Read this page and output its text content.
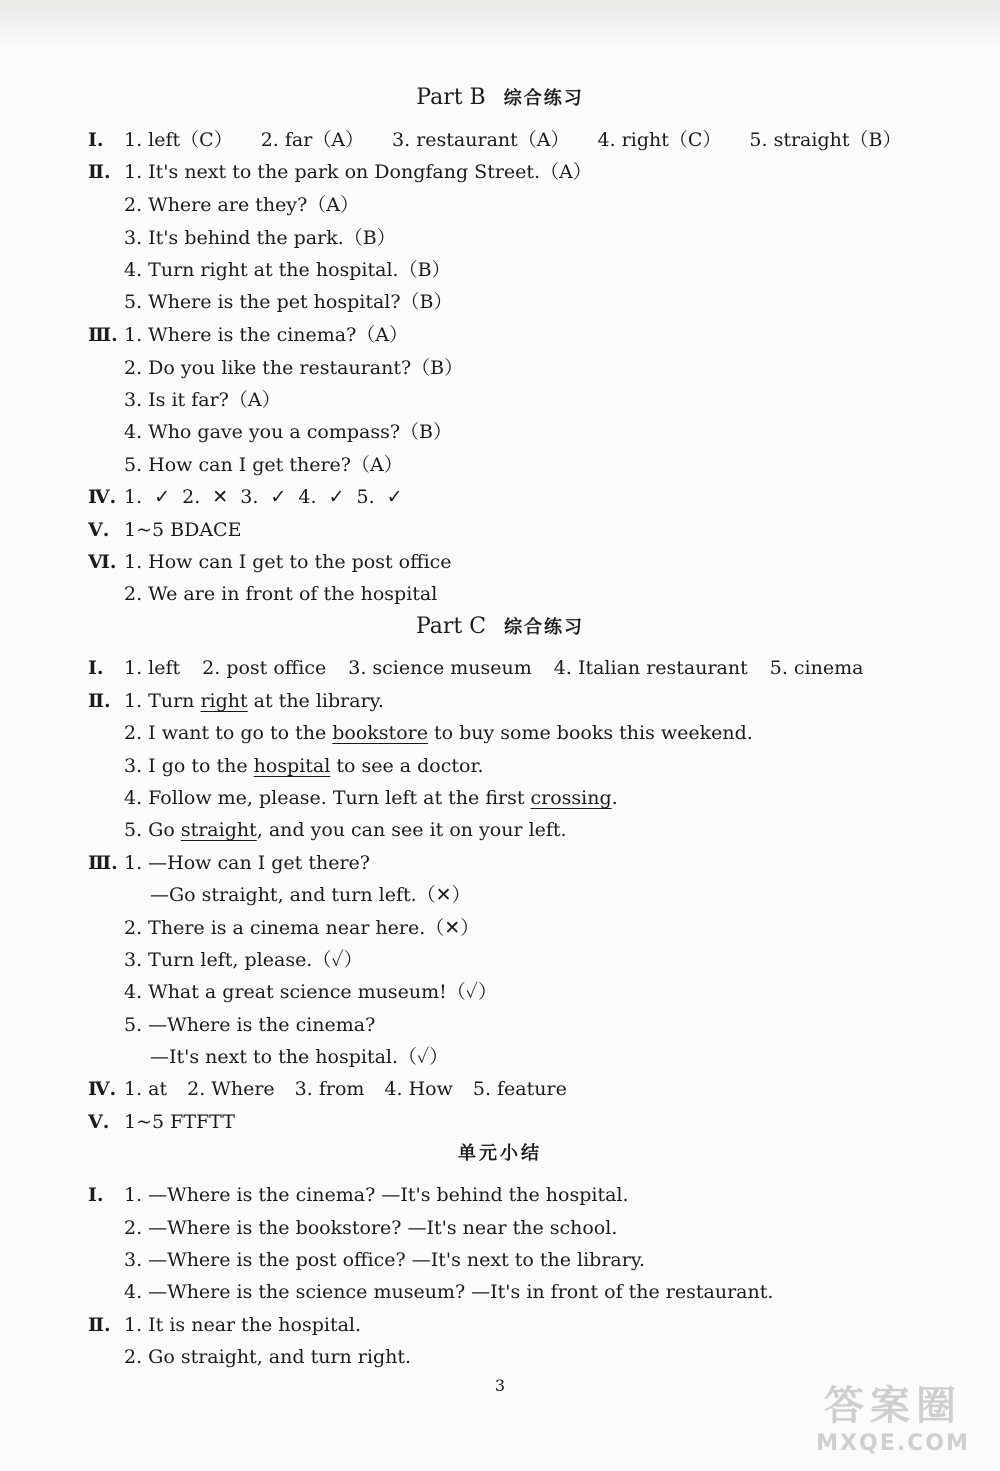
Part B 综合练习
Ⅰ. 1. left（C） 2. far（A） 3. restaurant（A） 4. right（C） 5. straight（B）
Ⅱ. 1. It's next to the park on Dongfang Street.（A）
2. Where are they?（A）
3. It's behind the park.（B）
4. Turn right at the hospital.（B）
5. Where is the pet hospital?（B）
Ⅲ. 1. Where is the cinema?（A）
2. Do you like the restaurant?（B）
3. Is it far?（A）
4. Who gave you a compass?（B）
5. How can I get there?（A）
Ⅳ. 1. ✓ 2. ✕ 3. ✓ 4. ✓ 5. ✓
Ⅴ. 1~5 BDACE
Ⅵ. 1. How can I get to the post office
2. We are in front of the hospital
Part C 综合练习
Ⅰ. 1. left 2. post office 3. science museum 4. Italian restaurant 5. cinema
Ⅱ. 1. Turn right at the library.
2. I want to go to the bookstore to buy some books this weekend.
3. I go to the hospital to see a doctor.
4. Follow me, please. Turn left at the first crossing.
5. Go straight, and you can see it on your left.
Ⅲ. 1. —How can I get there?
—Go straight, and turn left.（✕）
2. There is a cinema near here.（✕）
3. Turn left, please.（✓）
4. What a great science museum!（✓）
5. —Where is the cinema?
—It's next to the hospital.（✓）
Ⅳ. 1. at 2. Where 3. from 4. How 5. feature
Ⅴ. 1~5 FTFTT
单元小结
Ⅰ. 1. —Where is the cinema? —It's behind the hospital.
2. —Where is the bookstore? —It's near the school.
3. —Where is the post office? —It's next to the library.
4. —Where is the science museum? —It's in front of the restaurant.
Ⅱ. 1. It is near the hospital.
2. Go straight, and turn right.
3	答案圈
MXQE.COM
